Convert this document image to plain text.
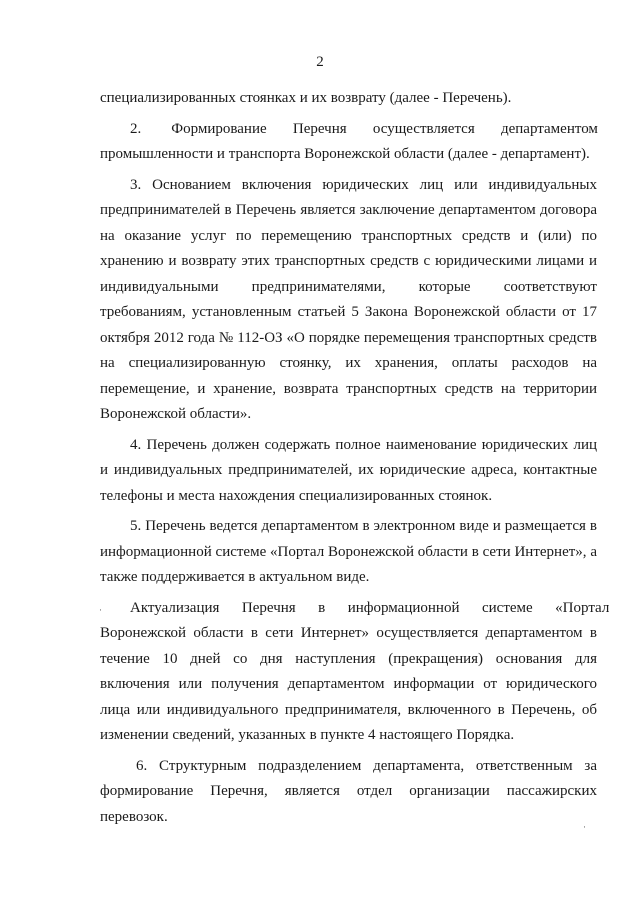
2

специализированных стоянках и их возврату (далее - Перечень).

2.        Формирование       Перечня       осуществляется       департаментом промышленности и транспорта Воронежской области (далее - департамент).

3. Основанием включения юридических лиц или индивидуальных предпринимателей в Перечень является заключение департаментом договора на оказание услуг по перемещению транспортных средств и (или) по хранению и возврату этих транспортных средств с юридическими лицами и индивидуальными предпринимателями, которые соответствуют требованиям, установленным статьей 5 Закона Воронежской области от 17 октября 2012 года № 112-ОЗ «О порядке перемещения транспортных средств на специализированную стоянку, их хранения, оплаты расходов на перемещение, и хранение, возврата транспортных средств на территории Воронежской области».

4. Перечень должен содержать полное наименование юридических лиц и индивидуальных предпринимателей, их юридические адреса, контактные телефоны и места нахождения специализированных стоянок.

5. Перечень ведется департаментом в электронном виде и размещается в информационной системе «Портал Воронежской области в сети Интернет», а также поддерживается в актуальном виде.

Актуализация      Перечня      в      информационной      системе      «Портал Воронежской области в сети Интернет» осуществляется департаментом в течение 10 дней со дня наступления (прекращения) основания для включения или получения департаментом информации от юридического лица или индивидуального предпринимателя, включенного в Перечень, об изменении сведений, указанных в пункте 4 настоящего Порядка.

6. Структурным подразделением департамента, ответственным за формирование Перечня, является отдел организации пассажирских перевозок.

·
·
